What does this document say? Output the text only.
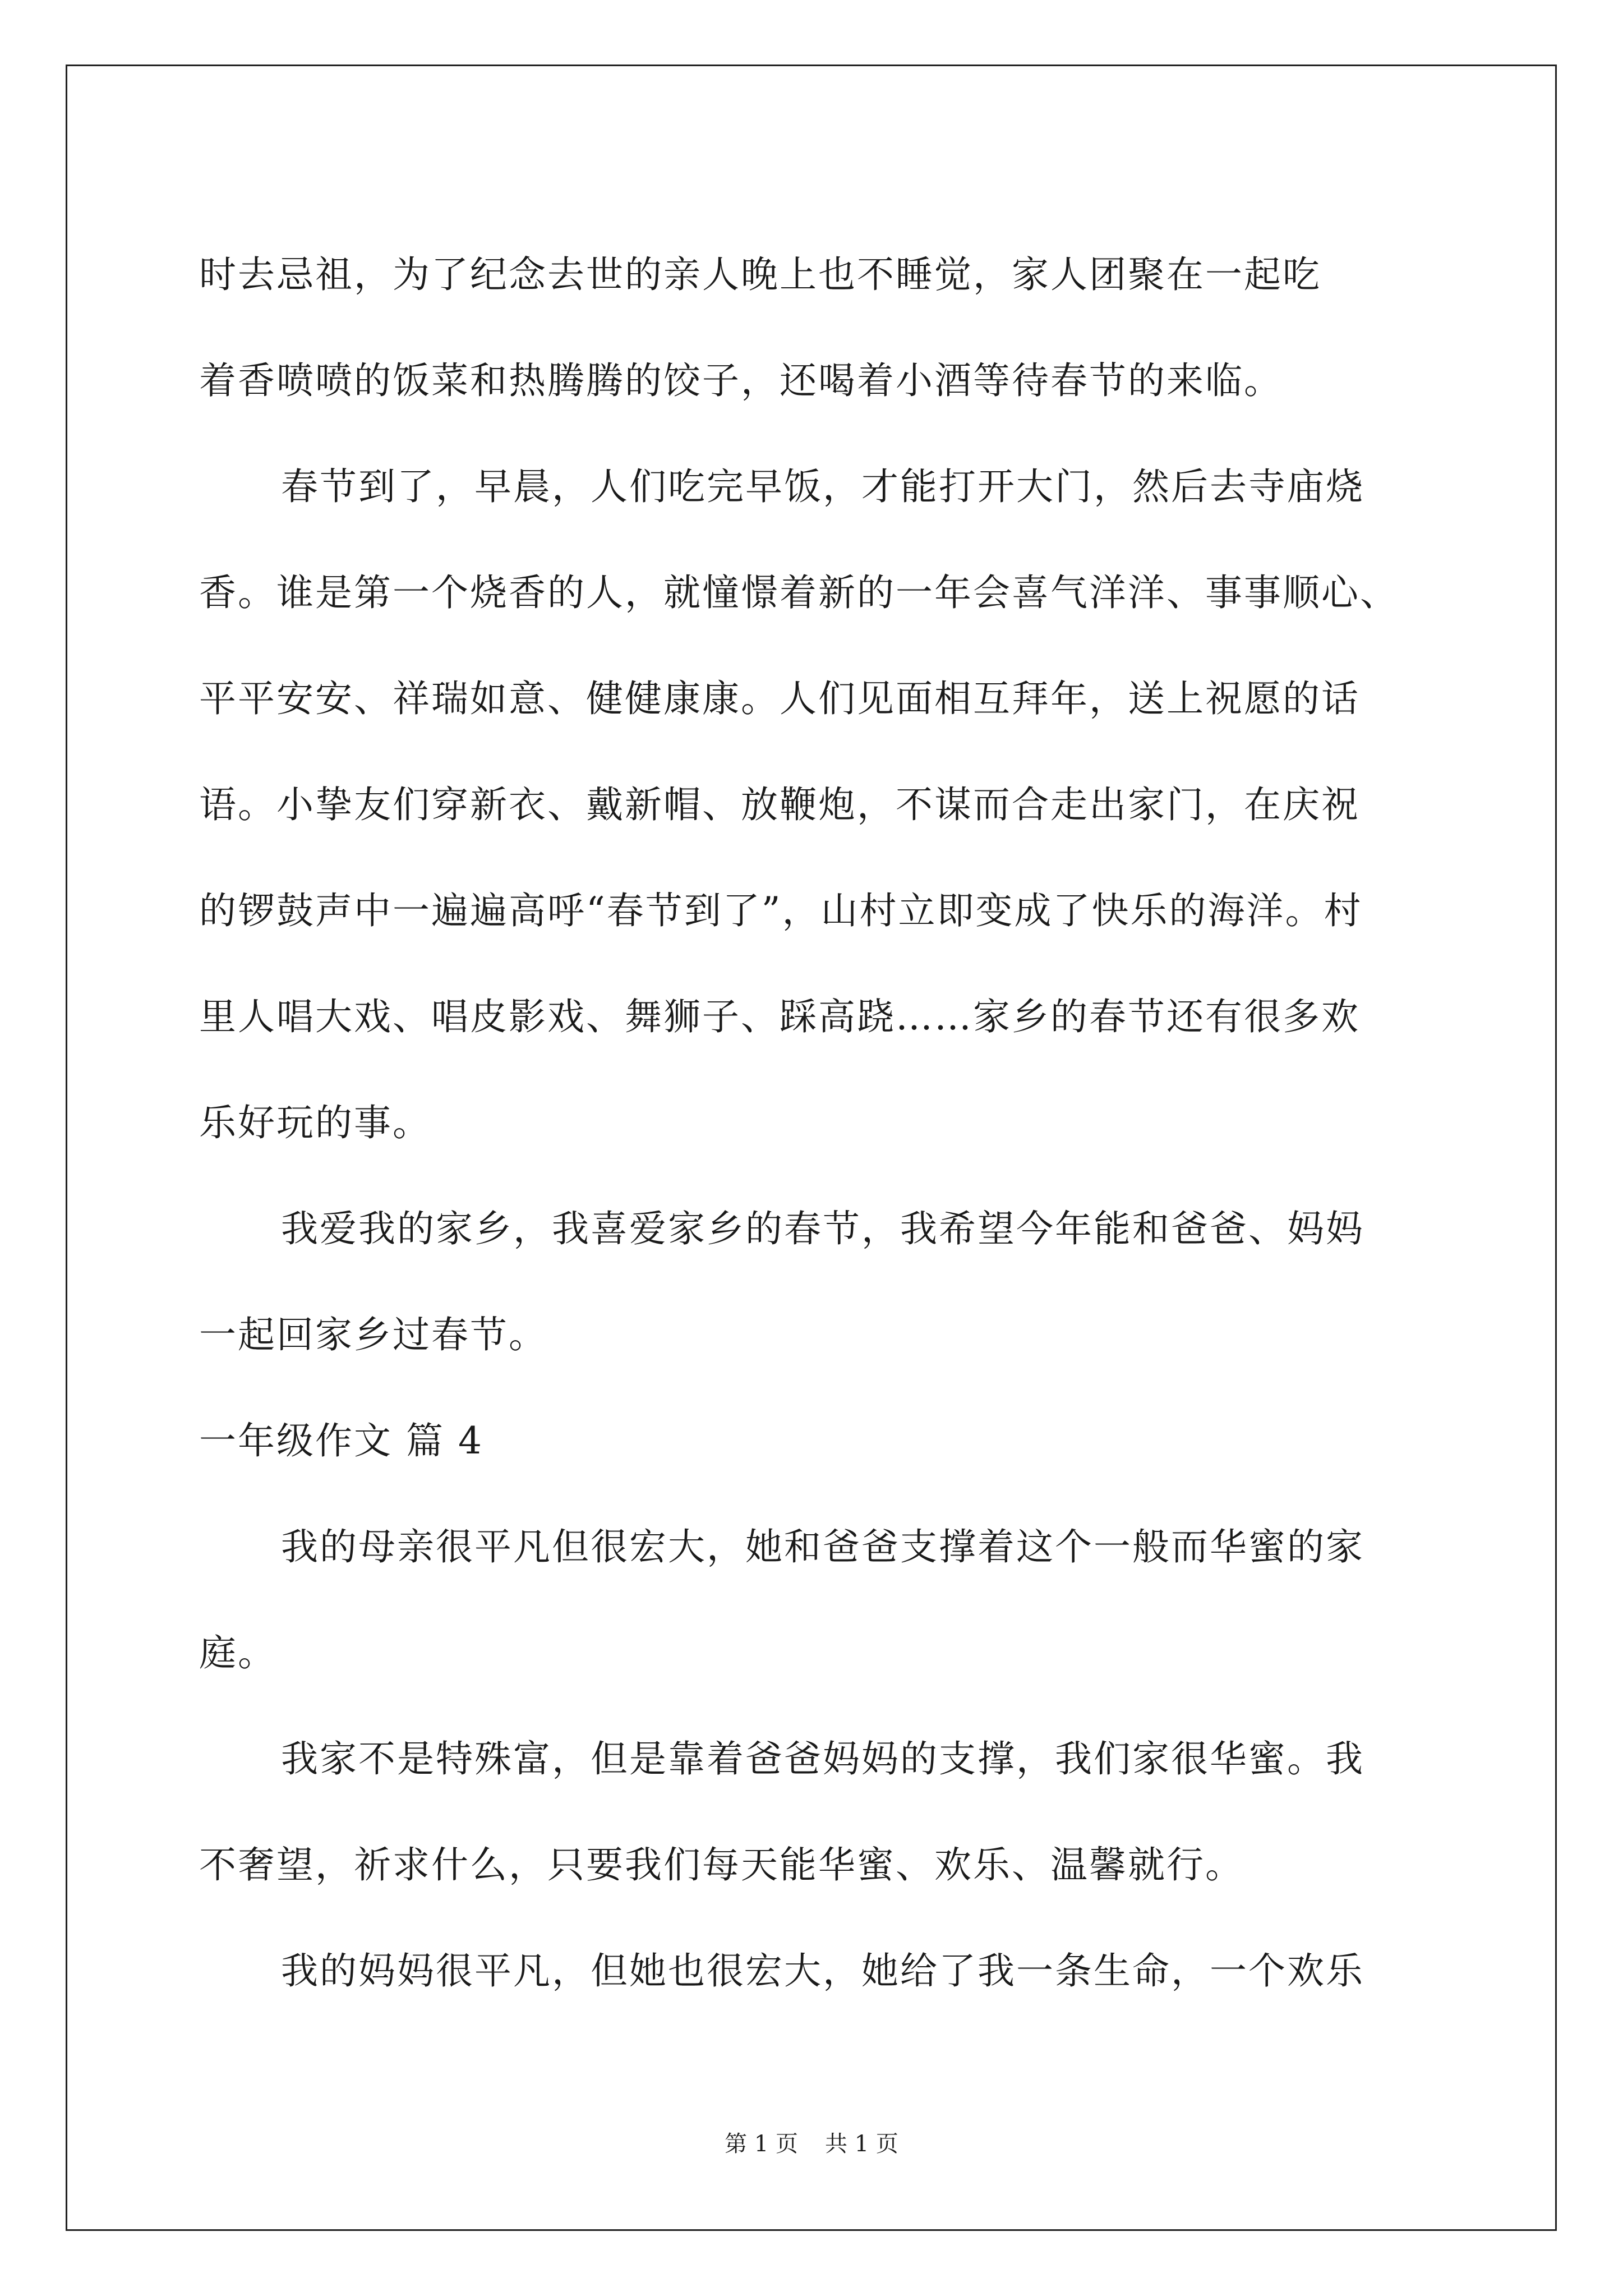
时去忌祖，为了纪念去世的亲人晚上也不睡觉，家人团聚在一起吃
着香喷喷的饭菜和热腾腾的饺子，还喝着小酒等待春节的来临。
春节到了，早晨，人们吃完早饭，才能打开大门，然后去寺庙烧
香。谁是第一个烧香的人，就憧憬着新的一年会喜气洋洋、事事顺心、
平平安安、祥瑞如意、健健康康。人们见面相互拜年，送上祝愿的话
语。小挚友们穿新衣、戴新帽、放鞭炮，不谋而合走出家门，在庆祝
的锣鼓声中一遍遍高呼“春节到了”，山村立即变成了快乐的海洋。村
里人唱大戏、唱皮影戏、舞狮子、踩高跷……家乡的春节还有很多欢
乐好玩的事。
我爱我的家乡，我喜爱家乡的春节，我希望今年能和爸爸、妈妈
一起回家乡过春节。
一年级作文 篇 4
我的母亲很平凡但很宏大，她和爸爸支撑着这个一般而华蜜的家
庭。
我家不是特殊富，但是靠着爸爸妈妈的支撑，我们家很华蜜。我
不奢望，祈求什么，只要我们每天能华蜜、欢乐、温馨就行。
我的妈妈很平凡，但她也很宏大，她给了我一条生命，一个欢乐
第 1 页 共 1 页
